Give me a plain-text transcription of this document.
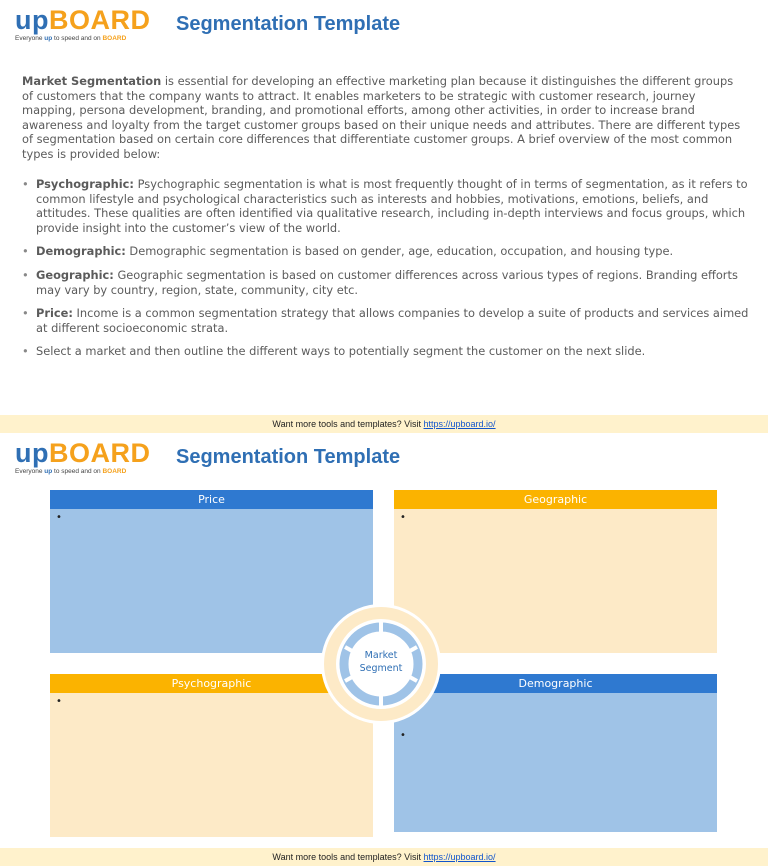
upBOARD
Everyone up to speed and on BOARD
Segmentation Template
Market Segmentation is essential for developing an effective marketing plan because it distinguishes the different groups of customers that the company wants to attract. It enables marketers to be strategic with customer research, journey mapping, persona development, branding, and promotional efforts, among other activities, in order to increase brand awareness and loyalty from the target customer groups based on their unique needs and attributes. There are different types of segmentation based on certain core differences that differentiate customer groups. A brief overview of the most common types is provided below:
• Psychographic: Psychographic segmentation is what is most frequently thought of in terms of segmentation, as it refers to common lifestyle and psychological characteristics such as interests and hobbies, motivations, emotions, beliefs, and attitudes. These qualities are often identified via qualitative research, including in-depth interviews and focus groups, which provide insight into the customer’s view of the world.
• Demographic: Demographic segmentation is based on gender, age, education, occupation, and housing type.
• Geographic: Geographic segmentation is based on customer differences across various types of regions. Branding efforts may vary by country, region, state, community, city etc.
• Price: Income is a common segmentation strategy that allows companies to develop a suite of products and services aimed at different socioeconomic strata.
• Select a market and then outline the different ways to potentially segment the customer on the next slide.
Want more tools and templates? Visit https://upboard.io/
upBOARD
Everyone up to speed and on BOARD
Segmentation Template
Price
•
Geographic
•
Psychographic
•
Demographic
•
Market
Segment
Want more tools and templates? Visit https://upboard.io/
